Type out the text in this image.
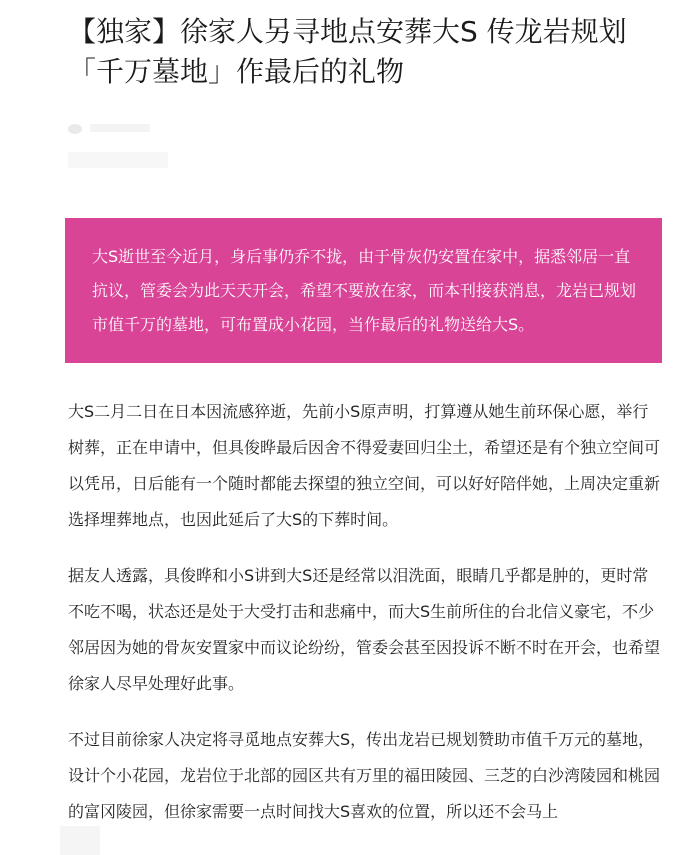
【独家】徐家人另寻地点安葬大S 传龙岩规划「千万墓地」作最后的礼物

大S逝世至今近月，身后事仍乔不拢，由于骨灰仍安置在家中，据悉邻居一直抗议，管委会为此天天开会，希望不要放在家，而本刊接获消息，龙岩已规划市值千万的墓地，可布置成小花园，当作最后的礼物送给大S。

大S二月二日在日本因流感猝逝，先前小S原声明，打算遵从她生前环保心愿，举行树葬，正在申请中，但具俊晔最后因舍不得爱妻回归尘土，希望还是有个独立空间可以凭吊，日后能有一个随时都能去探望的独立空间，可以好好陪伴她，上周决定重新选择埋葬地点，也因此延后了大S的下葬时间。

据友人透露，具俊晔和小S讲到大S还是经常以泪洗面，眼睛几乎都是肿的，更时常不吃不喝，状态还是处于大受打击和悲痛中，而大S生前所住的台北信义豪宅，不少邻居因为她的骨灰安置家中而议论纷纷，管委会甚至因投诉不断不时在开会，也希望徐家人尽早处理好此事。

不过目前徐家人决定将寻觅地点安葬大S，传出龙岩已规划赞助市值千万元的墓地，设计个小花园，龙岩位于北部的园区共有万里的福田陵园、三芝的白沙湾陵园和桃园的富冈陵园，但徐家需要一点时间找大S喜欢的位置，所以还不会马上
